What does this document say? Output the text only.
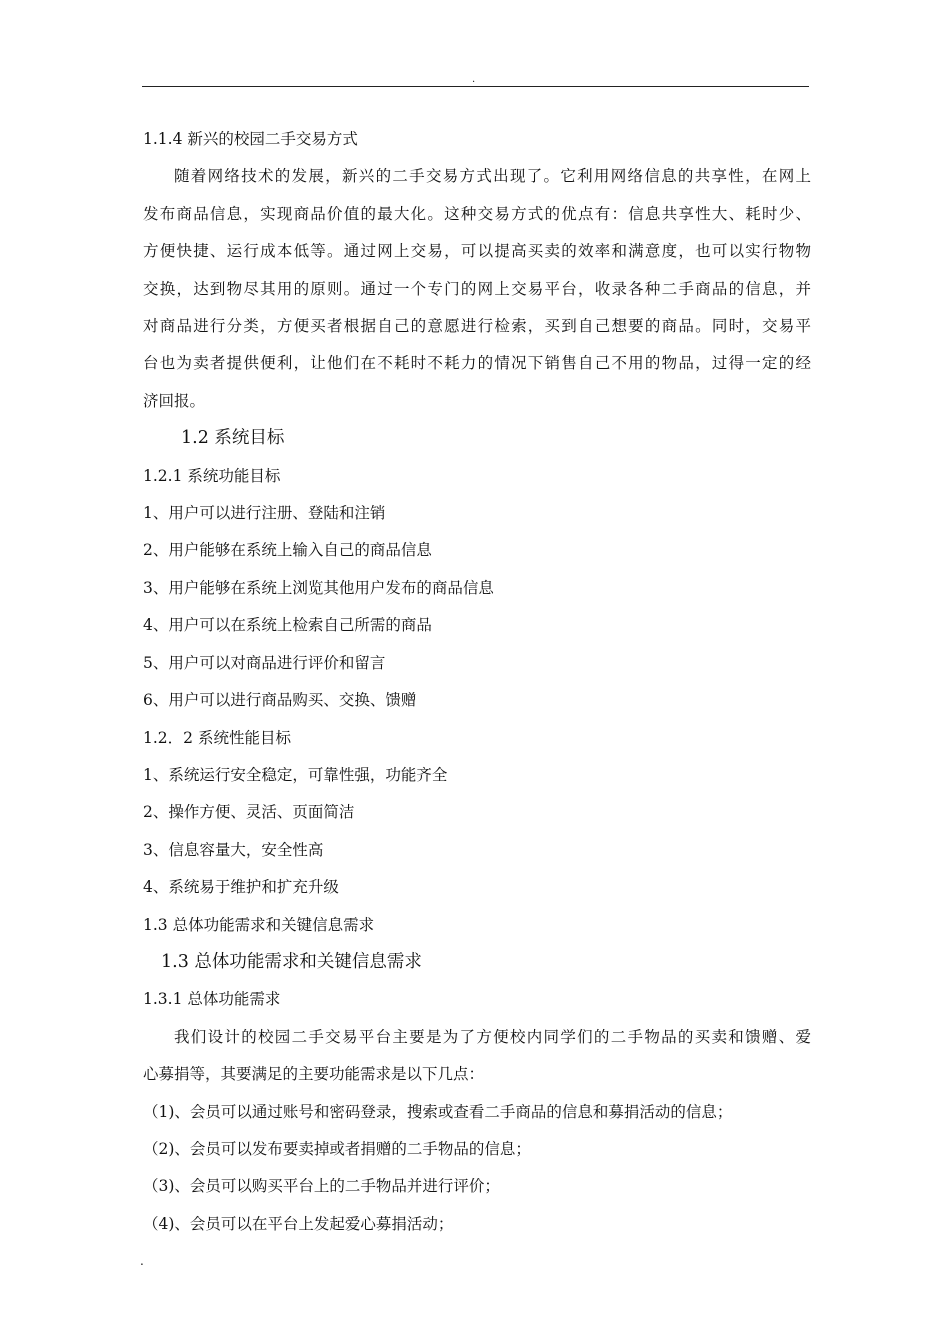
.
1.1.4 新兴的校园二手交易方式

随着网络技术的发展，新兴的二手交易方式出现了。它利用网络信息的共享性，在网上

发布商品信息，实现商品价值的最大化。这种交易方式的优点有：信息共享性大、耗时少、

方便快捷、运行成本低等。通过网上交易，可以提高买卖的效率和满意度，也可以实行物物

交换，达到物尽其用的原则。通过一个专门的网上交易平台，收录各种二手商品的信息，并

对商品进行分类，方便买者根据自己的意愿进行检索，买到自己想要的商品。同时，交易平

台也为卖者提供便利，让他们在不耗时不耗力的情况下销售自己不用的物品，过得一定的经

济回报。

1.2 系统目标
1.2.1 系统功能目标
1、用户可以进行注册、登陆和注销
2、用户能够在系统上输入自己的商品信息
3、用户能够在系统上浏览其他用户发布的商品信息
4、用户可以在系统上检索自己所需的商品
5、用户可以对商品进行评价和留言
6、用户可以进行商品购买、交换、馈赠
1.2．2 系统性能目标
1、系统运行安全稳定，可靠性强，功能齐全
2、操作方便、灵活、页面简洁
3、信息容量大，安全性高
4、系统易于维护和扩充升级
1.3 总体功能需求和关键信息需求
1.3 总体功能需求和关键信息需求
1.3.1 总体功能需求

我们设计的校园二手交易平台主要是为了方便校内同学们的二手物品的买卖和馈赠、爱

心募捐等，其要满足的主要功能需求是以下几点：

（1)、会员可以通过账号和密码登录，搜索或查看二手商品的信息和募捐活动的信息；
（2)、会员可以发布要卖掉或者捐赠的二手物品的信息；
（3)、会员可以购买平台上的二手物品并进行评价；
（4)、会员可以在平台上发起爱心募捐活动；
.
